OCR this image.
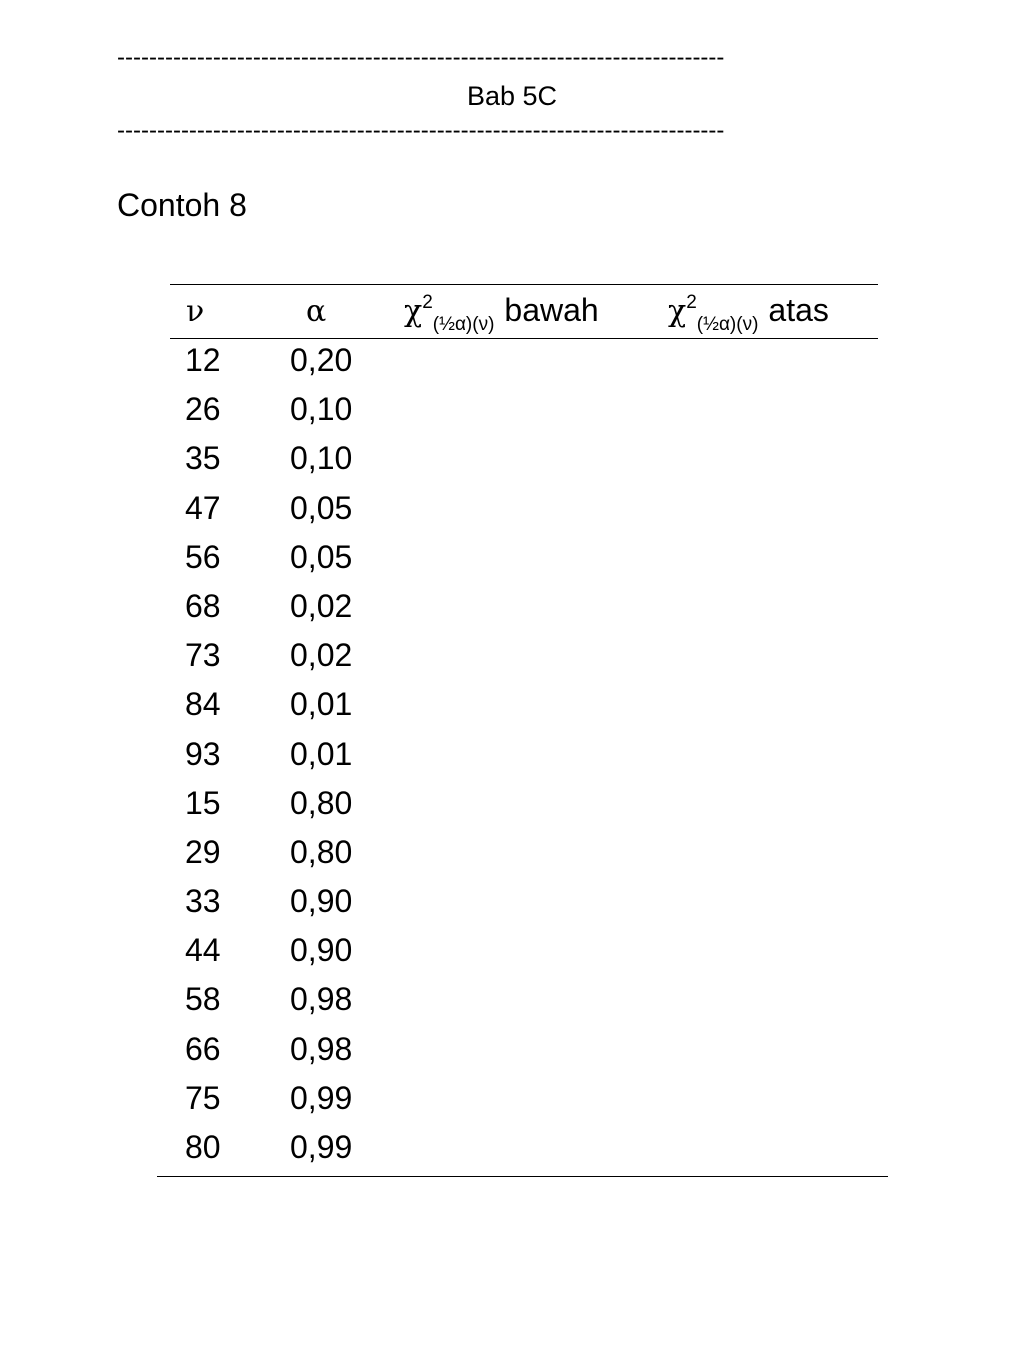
----------------------------------------------------------------------------
Bab 5C
----------------------------------------------------------------------------
Contoh 8
ν	α	$\chi^2_{(\frac{1}{2}\alpha)(\nu)}$ bawah $\chi^2_{(\frac{1}{2}\alpha)(\nu)}$ atas
12 0,20
26 0,10
35 0,10
47 0,05
56 0,05
68 0,02
73 0,02
84 0,01
93 0,01
15 0,80
29 0,80
33 0,90
44 0,90
58 0,98
66 0,98
75 0,99
80 0,99
